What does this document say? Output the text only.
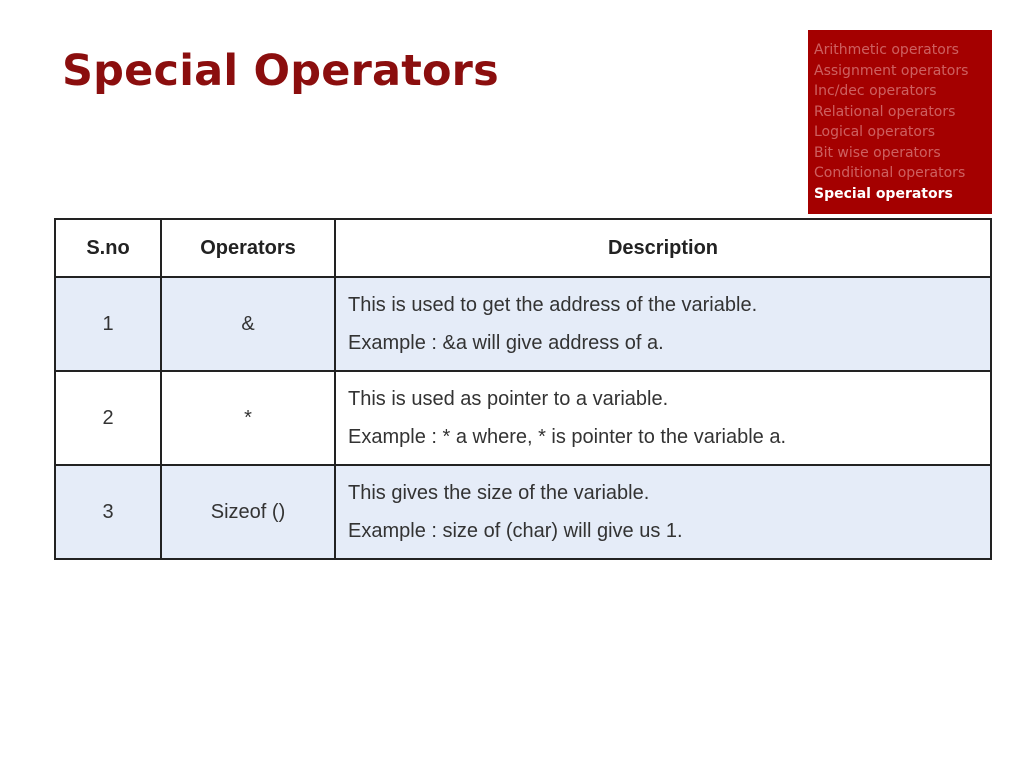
Special Operators	Arithmetic operators
Assignment operators
Inc/dec operators
Relational operators
Logical operators
Bit wise operators
Conditional operators
Special operators
S.no	Operators	Description
1	&	This is used to get the address of the variable.
Example : &a will give address of a.

2	*	This is used as pointer to a variable.
Example : * a where, * is pointer to the variable a.

3	Sizeof ()	This gives the size of the variable.
Example : size of (char) will give us 1.
